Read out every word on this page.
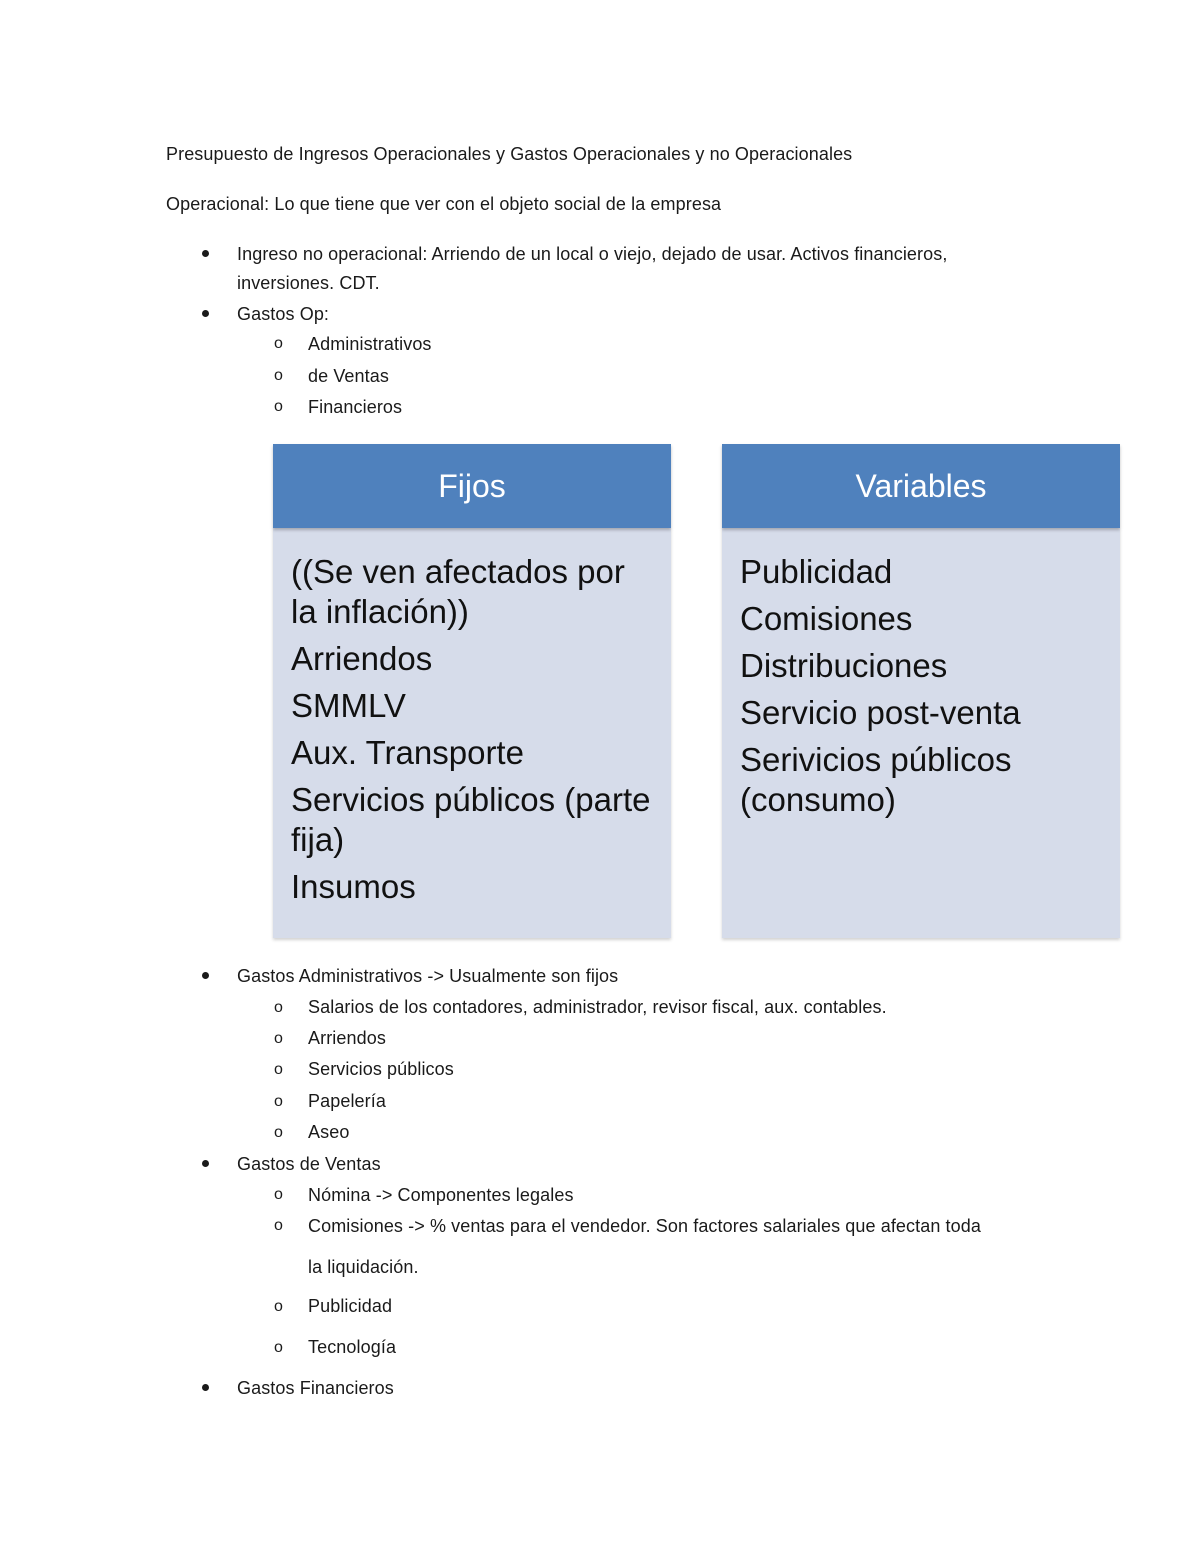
Presupuesto de Ingresos Operacionales y Gastos Operacionales y no Operacionales
Operacional: Lo que tiene que ver con el objeto social de la empresa
Ingreso no operacional: Arriendo de un local o viejo, dejado de usar. Activos financieros,
inversiones. CDT.
Gastos Op:
o Administrativos
o de Ventas
o Financieros
Fijos
((Se ven afectados por la inflación))
Arriendos
SMMLV
Aux. Transporte
Servicios públicos (parte fija)
Insumos
Variables
Publicidad
Comisiones
Distribuciones
Servicio post-venta
Serivicios públicos (consumo)
Gastos Administrativos -> Usualmente son fijos
o Salarios de los contadores, administrador, revisor fiscal, aux. contables.
o Arriendos
o Servicios públicos
o Papelería
o Aseo
Gastos de Ventas
o Nómina -> Componentes legales
o Comisiones -> % ventas para el vendedor. Son factores salariales que afectan toda
la liquidación.
o Publicidad
o Tecnología
Gastos Financieros
